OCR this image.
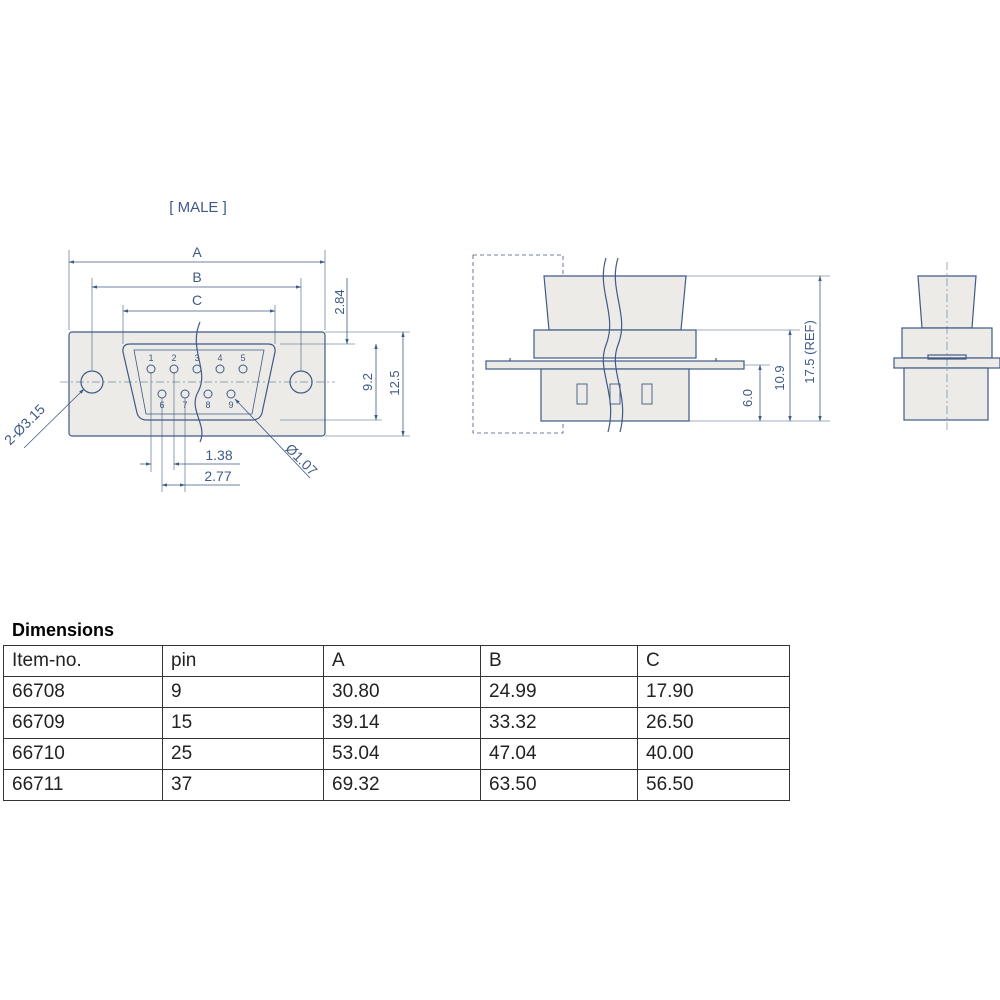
[ MALE ]
A
B
C	2.84
9.2 12.5
2-Ø3.15
1.38
2.77	Ø1.07
1 2 3 4 5
6 7 8 9	6.0
10.9 17.5 (REF)
Dimensions
Item-no.	pin	A	B	C
66708	9	30.80	24.99	17.90
66709	15	39.14	33.32	26.50
66710	25	53.04	47.04	40.00
66711	37	69.32	63.50	56.50
